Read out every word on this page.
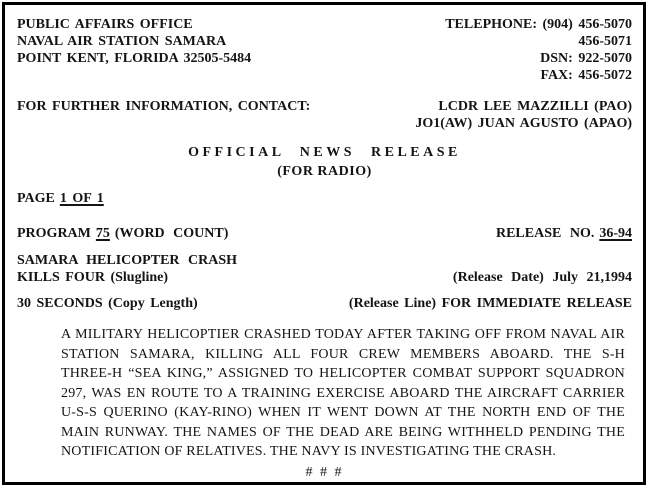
PUBLIC AFFAIRS OFFICE
NAVAL AIR STATION SAMARA
POINT KENT, FLORIDA 32505-5484
TELEPHONE: (904) 456-5070
456-5071
DSN: 922-5070
FAX: 456-5072
FOR FURTHER INFORMATION, CONTACT:	LCDR LEE MAZZILLI (PAO)
JO1(AW) JUAN AGUSTO (APAO)
OFFICIAL NEWS RELEASE
(FOR RADIO)
PAGE 1 OF 1
PROGRAM 75 (WORD COUNT)	RELEASE NO. 36-94
SAMARA HELICOPTER CRASH
KILLS FOUR (Slugline)	(Release Date) July 21,1994
30 SECONDS (Copy Length)	(Release Line) FOR IMMEDIATE RELEASE
A MILITARY HELICOPTIER CRASHED TODAY AFTER TAKING OFF FROM NAVAL AIR
STATION SAMARA, KILLING ALL FOUR CREW MEMBERS ABOARD. THE S-H
THREE-H “SEA KING,” ASSIGNED TO HELICOPTER COMBAT SUPPORT SQUADRON
297, WAS EN ROUTE TO A TRAINING EXERCISE ABOARD THE AIRCRAFT CARRIER
U-S-S QUERINO (KAY-RINO) WHEN IT WENT DOWN AT THE NORTH END OF THE
MAIN RUNWAY. THE NAMES OF THE DEAD ARE BEING WITHHELD PENDING THE
NOTIFICATION OF RELATIVES. THE NAVY IS INVESTIGATING THE CRASH.
# # #
